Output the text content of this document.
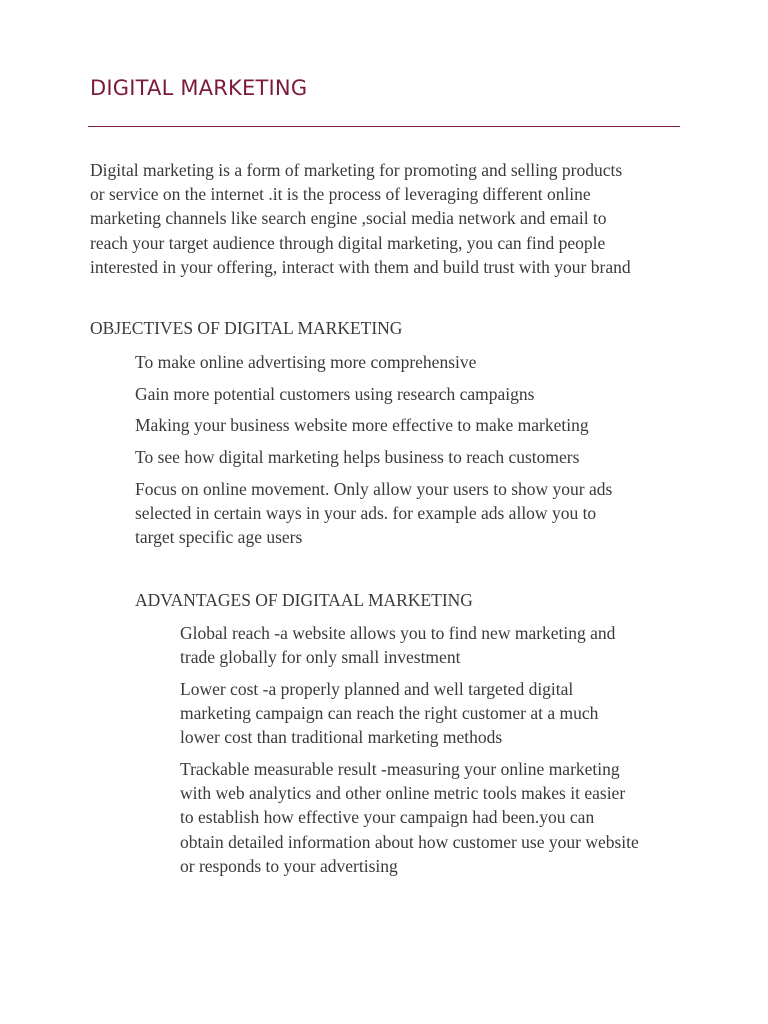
DIGITAL MARKETING
Digital marketing is a form of marketing for promoting and selling products
or service on the internet .it is the process of leveraging different online
marketing channels like search engine ,social media network and email to
reach your target audience through digital marketing, you can find people
interested in your offering, interact with them and build trust with your brand
OBJECTIVES OF DIGITAL MARKETING
To make online advertising more comprehensive
Gain more potential customers using research campaigns
Making your business website more effective to make marketing
To see how digital marketing helps business to reach customers
Focus on online movement. Only allow your users to show your ads
selected in certain ways in your ads. for example ads allow you to
target specific age users
ADVANTAGES OF DIGITAAL MARKETING
Global reach -a website allows you to find new marketing and
trade globally for only small investment
Lower cost -a properly planned and well targeted digital
marketing campaign can reach the right customer at a much
lower cost than traditional marketing methods
Trackable measurable result -measuring your online marketing
with web analytics and other online metric tools makes it easier
to establish how effective your campaign had been.you can
obtain detailed information about how customer use your website
or responds to your advertising
